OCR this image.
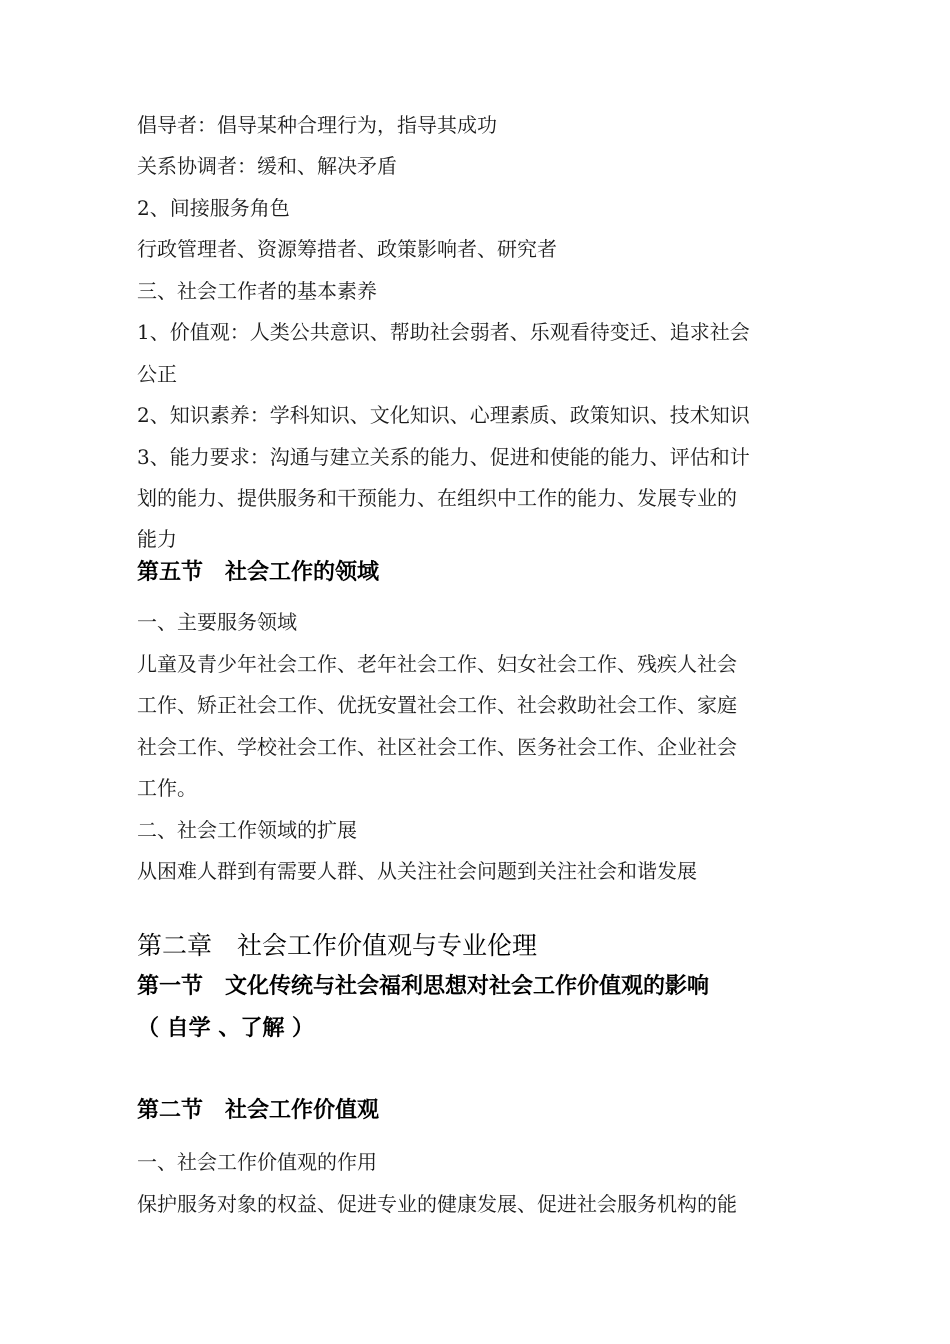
倡导者：倡导某种合理行为，指导其成功

关系协调者：缓和、解决矛盾

2、间接服务角色

行政管理者、资源筹措者、政策影响者、研究者

三、社会工作者的基本素养

1、价值观：人类公共意识、帮助社会弱者、乐观看待变迁、追求社会

公正

2、知识素养：学科知识、文化知识、心理素质、政策知识、技术知识

3、能力要求：沟通与建立关系的能力、促进和使能的能力、评估和计

划的能力、提供服务和干预能力、在组织中工作的能力、发展专业的

能力

第五节　社会工作的领域

一、主要服务领域

儿童及青少年社会工作、老年社会工作、妇女社会工作、残疾人社会

工作、矫正社会工作、优抚安置社会工作、社会救助社会工作、家庭

社会工作、学校社会工作、社区社会工作、医务社会工作、企业社会

工作。

二、社会工作领域的扩展

从困难人群到有需要人群、从关注社会问题到关注社会和谐发展

第二章　社会工作价值观与专业伦理

第一节　文化传统与社会福利思想对社会工作价值观的影响

（ 自学 、了解 ）

第二节　社会工作价值观

一、社会工作价值观的作用

保护服务对象的权益、促进专业的健康发展、促进社会服务机构的能
